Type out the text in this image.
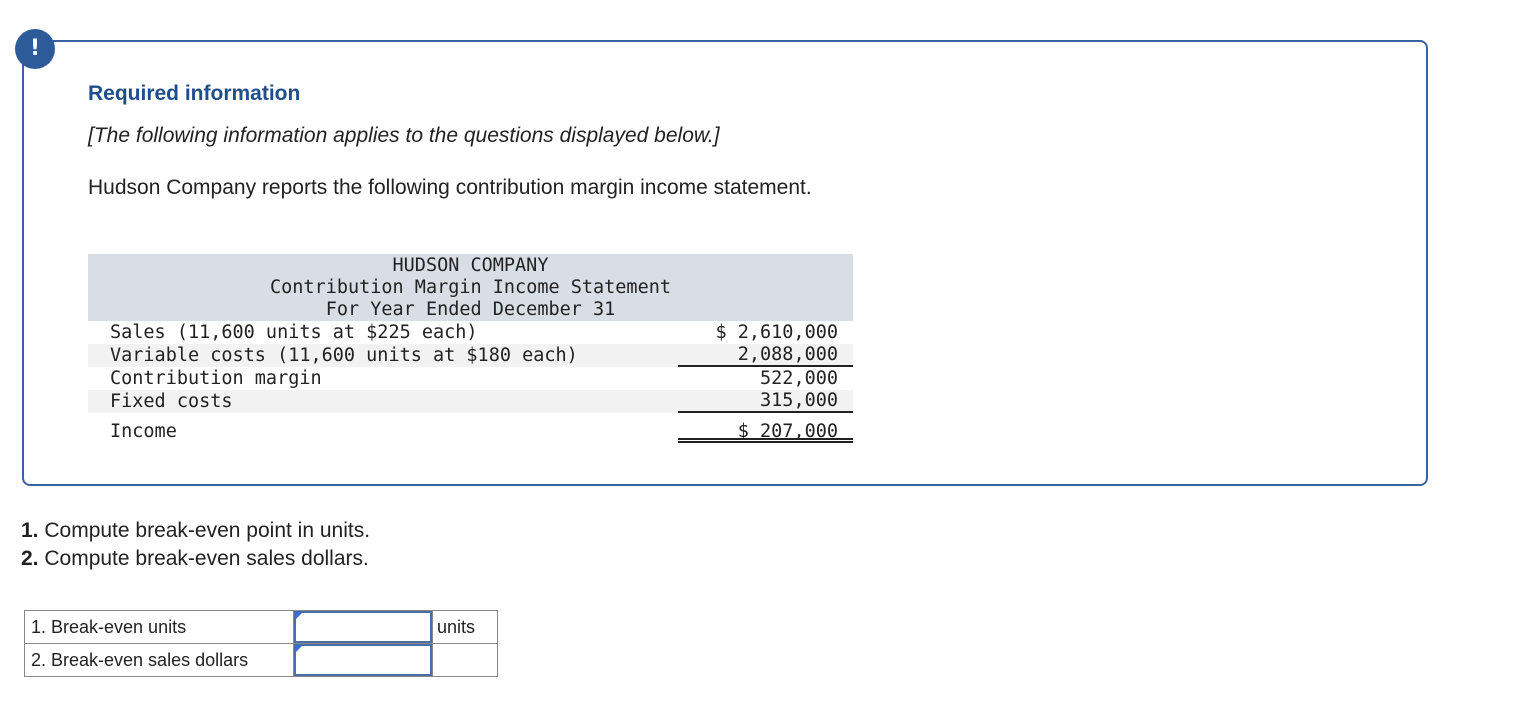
!
Required information
[The following information applies to the questions displayed below.]
Hudson Company reports the following contribution margin income statement.
HUDSON COMPANY
Contribution Margin Income Statement
For Year Ended December 31
Sales (11,600 units at $225 each)	$ 2,610,000
Variable costs (11,600 units at $180 each)	2,088,000
Contribution margin	522,000
Fixed costs	315,000
Income	$ 207,000
1. Compute break-even point in units.
2. Compute break-even sales dollars.
1. Break-even units		units
2. Break-even sales dollars	
